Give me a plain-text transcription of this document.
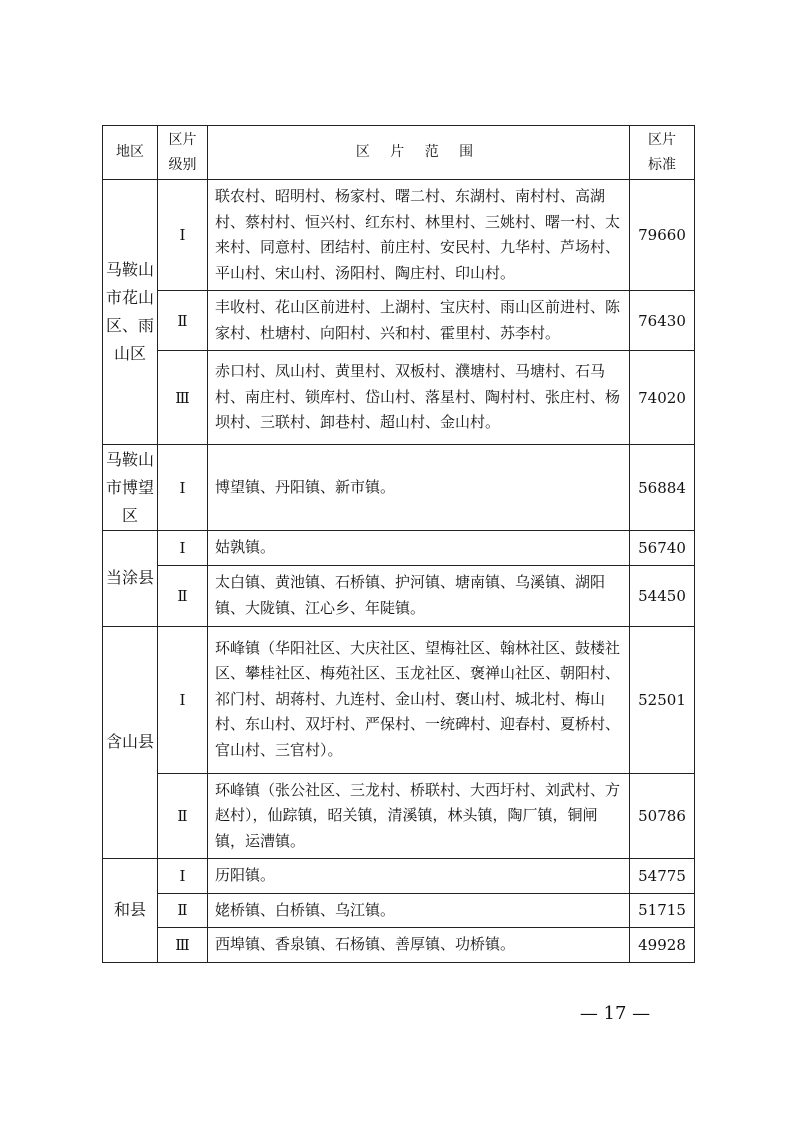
地区	区片
级别	区 片 范 围	区片
标准
马鞍山
市花山
区、雨
山区	Ⅰ	联农村、昭明村、杨家村、曙二村、东湖村、南村村、高湖村、蔡村村、恒兴村、红东村、林里村、三姚村、曙一村、太来村、同意村、团结村、前庄村、安民村、九华村、芦场村、平山村、宋山村、汤阳村、陶庄村、印山村。	79660
	Ⅱ	丰收村、花山区前进村、上湖村、宝庆村、雨山区前进村、陈家村、杜塘村、向阳村、兴和村、霍里村、苏李村。	76430
	Ⅲ	赤口村、凤山村、黄里村、双板村、濮塘村、马塘村、石马村、南庄村、锁库村、岱山村、落星村、陶村村、张庄村、杨坝村、三联村、卸巷村、超山村、金山村。	74020
马鞍山
市博望
区	Ⅰ	博望镇、丹阳镇、新市镇。	56884
当涂县	Ⅰ	姑孰镇。	56740
	Ⅱ	太白镇、黄池镇、石桥镇、护河镇、塘南镇、乌溪镇、湖阳镇、大陇镇、江心乡、年陡镇。	54450
含山县	Ⅰ	环峰镇（华阳社区、大庆社区、望梅社区、翰林社区、鼓楼社区、攀桂社区、梅苑社区、玉龙社区、褒禅山社区、朝阳村、祁门村、胡蒋村、九连村、金山村、褒山村、城北村、梅山村、东山村、双圩村、严保村、一统碑村、迎春村、夏桥村、官山村、三官村）。	52501
	Ⅱ	环峰镇（张公社区、三龙村、桥联村、大西圩村、刘武村、方赵村），仙踪镇，昭关镇，清溪镇，林头镇，陶厂镇，铜闸镇，运漕镇。	50786
和县	Ⅰ	历阳镇。	54775
	Ⅱ	姥桥镇、白桥镇、乌江镇。	51715
	Ⅲ	西埠镇、香泉镇、石杨镇、善厚镇、功桥镇。	49928
— 17 —
